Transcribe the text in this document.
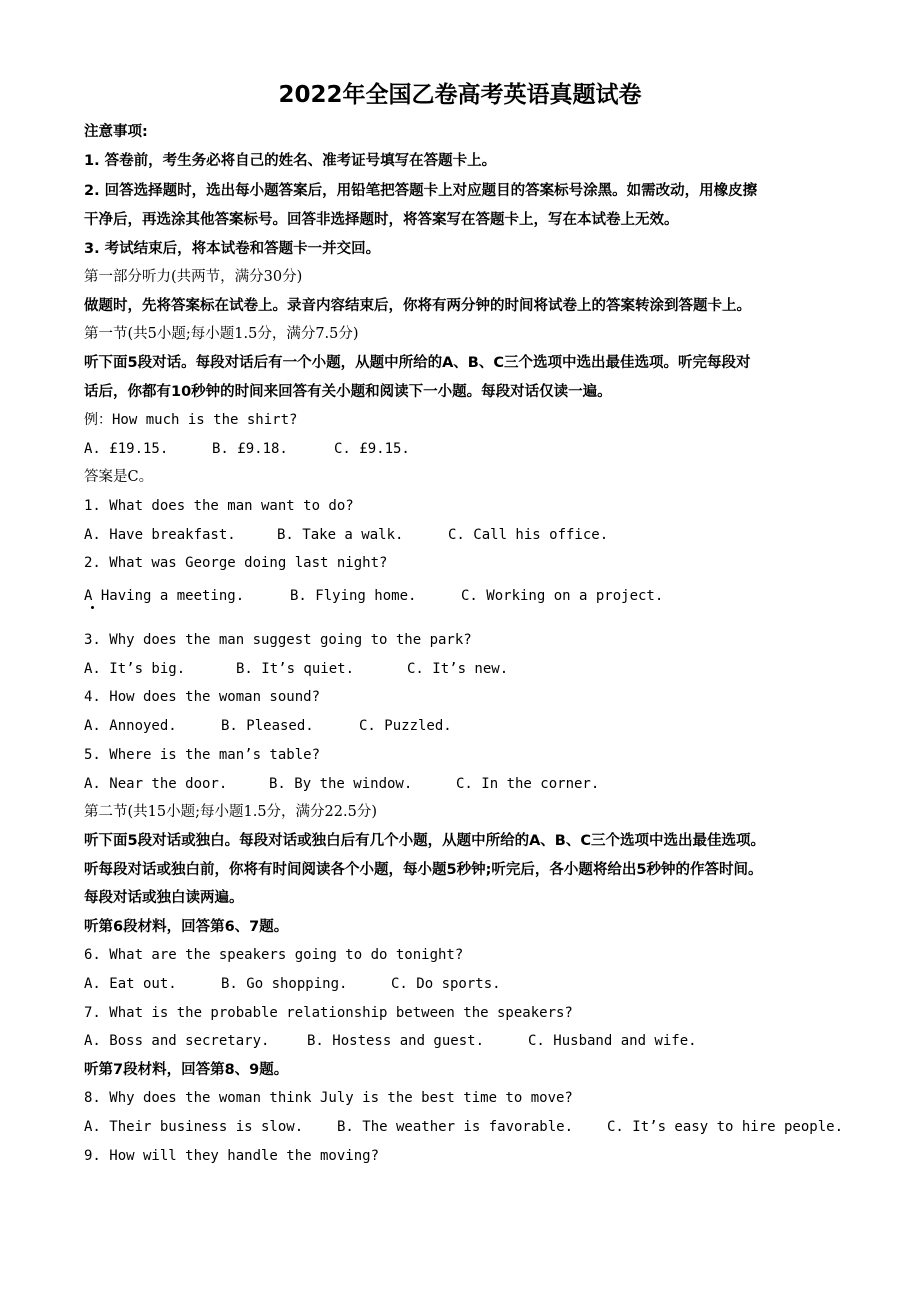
2022年全国乙卷高考英语真题试卷
注意事项:
1. 答卷前，考生务必将自己的姓名、准考证号填写在答题卡上。
2. 回答选择题时，选出每小题答案后，用铅笔把答题卡上对应题目的答案标号涂黑。如需改动，用橡皮擦
干净后，再选涂其他答案标号。回答非选择题时，将答案写在答题卡上，写在本试卷上无效。
3. 考试结束后，将本试卷和答题卡一并交回。
第一部分听力(共两节，满分30分)
做题时，先将答案标在试卷上。录音内容结束后，你将有两分钟的时间将试卷上的答案转涂到答题卡上。
第一节(共5小题;每小题1.5分，满分7.5分)
听下面5段对话。每段对话后有一个小题，从题中所给的A、B、C三个选项中选出最佳选项。听完每段对
话后，你都有10秒钟的时间来回答有关小题和阅读下一小题。每段对话仅读一遍。
例：How much is the shirt?
A. £19.15.	B. £9.18.	C. £9.15.
答案是C。
1. What does the man want to do?
A. Have breakfast.	B. Take a walk.	C. Call his office.
2. What was George doing last night?
A Having a meeting.	B. Flying home.	C. Working on a project.
3. Why does the man suggest going to the park?
A. It’s big.	B. It’s quiet.	C. It’s new.
4. How does the woman sound?
A. Annoyed.	B. Pleased.	C. Puzzled.
5. Where is the man’s table?
A. Near the door.	B. By the window.	C. In the corner.
第二节(共15小题;每小题1.5分，满分22.5分)
听下面5段对话或独白。每段对话或独白后有几个小题，从题中所给的A、B、C三个选项中选出最佳选项。
听每段对话或独白前，你将有时间阅读各个小题，每小题5秒钟;听完后，各小题将给出5秒钟的作答时间。
每段对话或独白读两遍。
听第6段材料，回答第6、7题。
6. What are the speakers going to do tonight?
A. Eat out.	B. Go shopping.	C. Do sports.
7. What is the probable relationship between the speakers?
A. Boss and secretary.	B. Hostess and guest.	C. Husband and wife.
听第7段材料，回答第8、9题。
8. Why does the woman think July is the best time to move?
A. Their business is slow.	B. The weather is favorable.	C. It’s easy to hire people.
9. How will they handle the moving?
